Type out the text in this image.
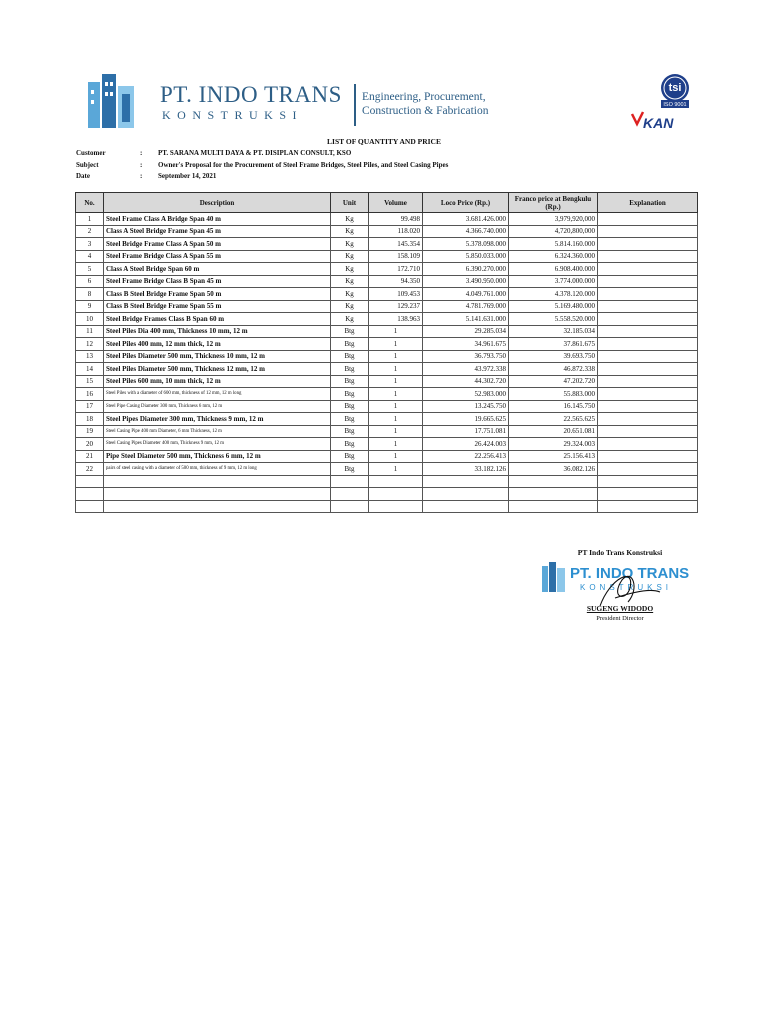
PT. INDO TRANS
KONSTRUKSI
Engineering, Procurement,
Construction & Fabrication
tsi
ISO 9001
KAN
LIST OF QUANTITY AND PRICE
Customer	: PT. SARANA MULTI DAYA & PT. DISIPLAN CONSULT, KSO
Subject	: Owner's Proposal for the Procurement of Steel Frame Bridges, Steel Piles, and Steel Casing Pipes
Date	: September 14, 2021
No.	Description	Unit	Volume	Loco Price (Rp.)	Franco price at Bengkulu (Rp.)	Explanation
1	Steel Frame Class A Bridge Span 40 m	Kg	99.498	3.681.426.000	3,979,920,000	
2	Class A Steel Bridge Frame Span 45 m	Kg	118.020	4.366.740.000	4,720,800,000	
3	Steel Bridge Frame Class A Span 50 m	Kg	145.354	5.378.098.000	5.814.160.000	
4	Steel Frame Bridge Class A Span 55 m	Kg	158.109	5.850.033.000	6.324.360.000	
5	Class A Steel Bridge Span 60 m	Kg	172.710	6.390.270.000	6.908.400.000	
6	Steel Frame Bridge Class B Span 45 m	Kg	94.350	3.490.950.000	3.774.000.000	
8	Class B Steel Bridge Frame Span 50 m	Kg	109.453	4.049.761.000	4.378.120.000	
9	Class B Steel Bridge Frame Span 55 m	Kg	129.237	4.781.769.000	5.169.480.000	
10	Steel Bridge Frames Class B Span 60 m	Kg	138.963	5.141.631.000	5.558.520.000	
11	Steel Piles Dia 400 mm, Thickness 10 mm, 12 m	Btg	1	29.285.034	32.185.034	
12	Steel Piles 400 mm, 12 mm thick, 12 m	Btg	1	34.961.675	37.861.675	
13	Steel Piles Diameter 500 mm, Thickness 10 mm, 12 m	Btg	1	36.793.750	39.693.750	
14	Steel Piles Diameter 500 mm, Thickness 12 mm, 12 m	Btg	1	43.972.338	46.872.338	
15	Steel Piles 600 mm, 10 mm thick, 12 m	Btg	1	44.302.720	47.202.720	
16	Steel Piles with a diameter of 600 mm, thickness of 12 mm, 12 m long	Btg	1	52.983.000	55.883.000	
17	Steel Pipe Casing Diameter 300 mm, Thickness 6 mm, 12 m	Btg	1	13.245.750	16.145.750	
18	Steel Pipes Diameter 300 mm, Thickness 9 mm, 12 m	Btg	1	19.665.625	22.565.625	
19	Steel Casing Pipe 400 mm Diameter, 6 mm Thickness, 12 m	Btg	1	17.751.081	20.651.081	
20	Steel Casing Pipes Diameter 400 mm, Thickness 9 mm, 12 m	Btg	1	26.424.003	29.324.003	
21	Pipe Steel Diameter 500 mm, Thickness 6 mm, 12 m	Btg	1	22.256.413	25.156.413	
22	pairs of steel casing with a diameter of 500 mm, thickness of 9 mm, 12 m long	Btg	1	33.182.126	36.082.126	

PT Indo Trans Konstruksi
PT. INDO TRANS
KONSTRUKSI
SUGENG WIDODO
President Director
